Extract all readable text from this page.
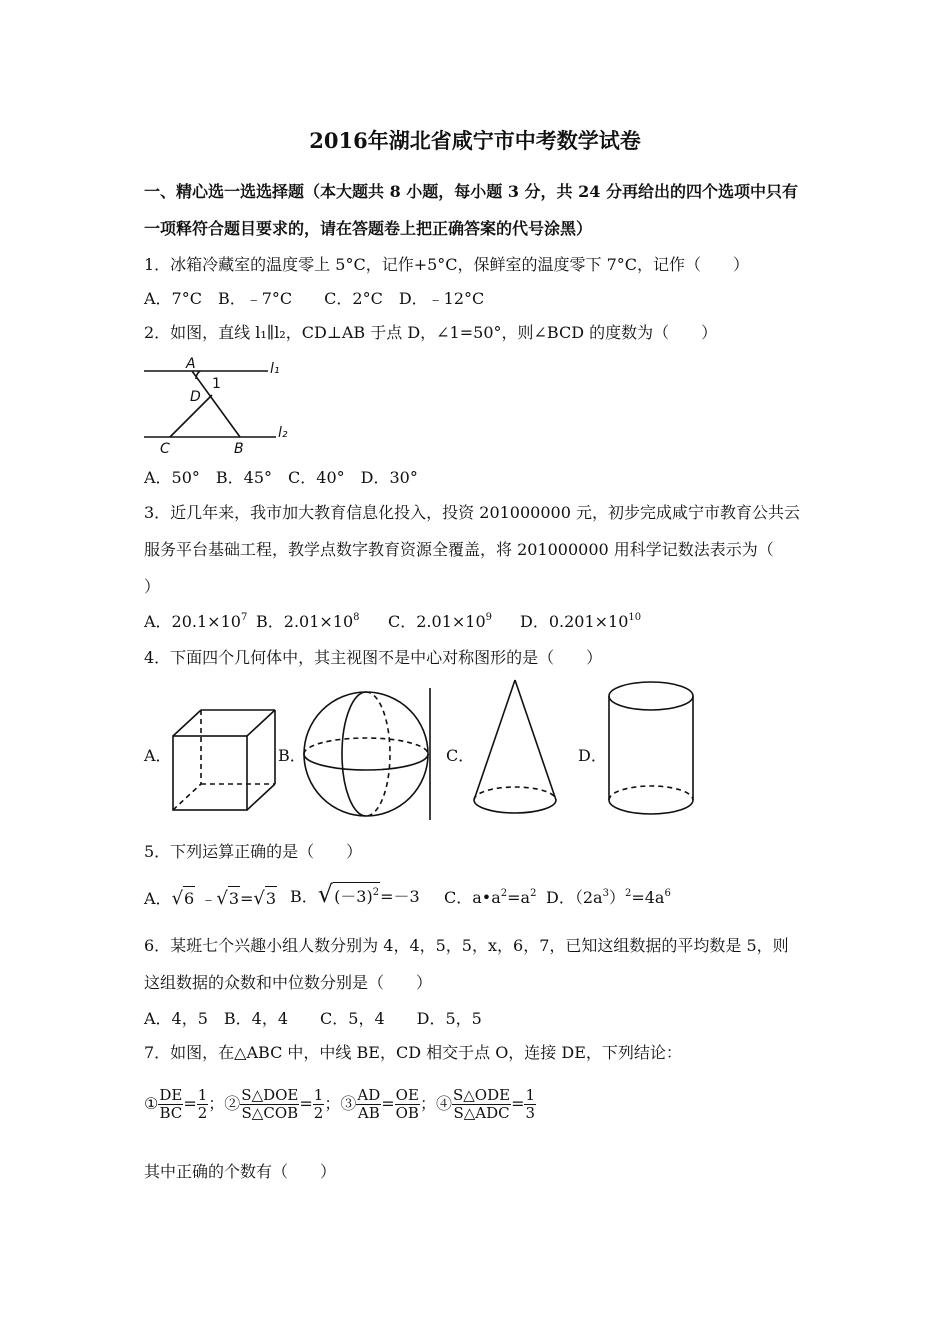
2016年湖北省咸宁市中考数学试卷
一、精心选一选选择题（本大题共 8 小题，每小题 3 分，共 24 分再给出的四个选项中只有
一项释符合题目要求的，请在答题卷上把正确答案的代号涂黑）
1．冰箱冷藏室的温度零上 5°C，记作+5°C，保鲜室的温度零下 7°C，记作（　　）
A．7°C　B．﹣7°C　　C．2°C　D．﹣12°C
2．如图，直线 l₁∥l₂，CD⊥AB 于点 D，∠1=50°，则∠BCD 的度数为（　　）
A
1
D
C	B
l₁
l₂
A．50°　B．45°　C．40°　D．30°
3．近几年来，我市加大教育信息化投入，投资 201000000 元，初步完成咸宁市教育公共云
服务平台基础工程，教学点数字教育资源全覆盖，将 201000000 用科学记数法表示为（
）
A．$20.1\times 10^7$ B．$2.01\times 10^8$ C．$2.01\times 10^9$ D．$0.201\times 10^{10}$
4．下面四个几何体中，其主视图不是中心对称图形的是（　　）
A．	B．	C．	D．
5．下列运算正确的是（　　）
A．√6 ﹣√3=√3 B．$√(-3)^2=-3$ C．$a•a^2=a^2$ D．$(2a^3)^2=4a^6$
6．某班七个兴趣小组人数分别为 4，4，5，5，x，6，7，已知这组数据的平均数是 5，则
这组数据的众数和中位数分别是（　　）
A．4，5　B．4，4　　C．5，4　　D．5，5
7．如图，在△ABC 中，中线 BE，CD 相交于点 O，连接 DE，下列结论：
① $\frac{DE}{BC} = \frac{1}{2}$ ；② $\frac{\text{S△DOE}}{\text{S△COB}} = \frac{1}{2}$ ；③ $\frac{AD}{AB} = \frac{OE}{OB}$ ；④ $\frac{\text{S△ODE}}{\text{S△ADC}} = \frac{1}{3}$
其中正确的个数有（　　）
